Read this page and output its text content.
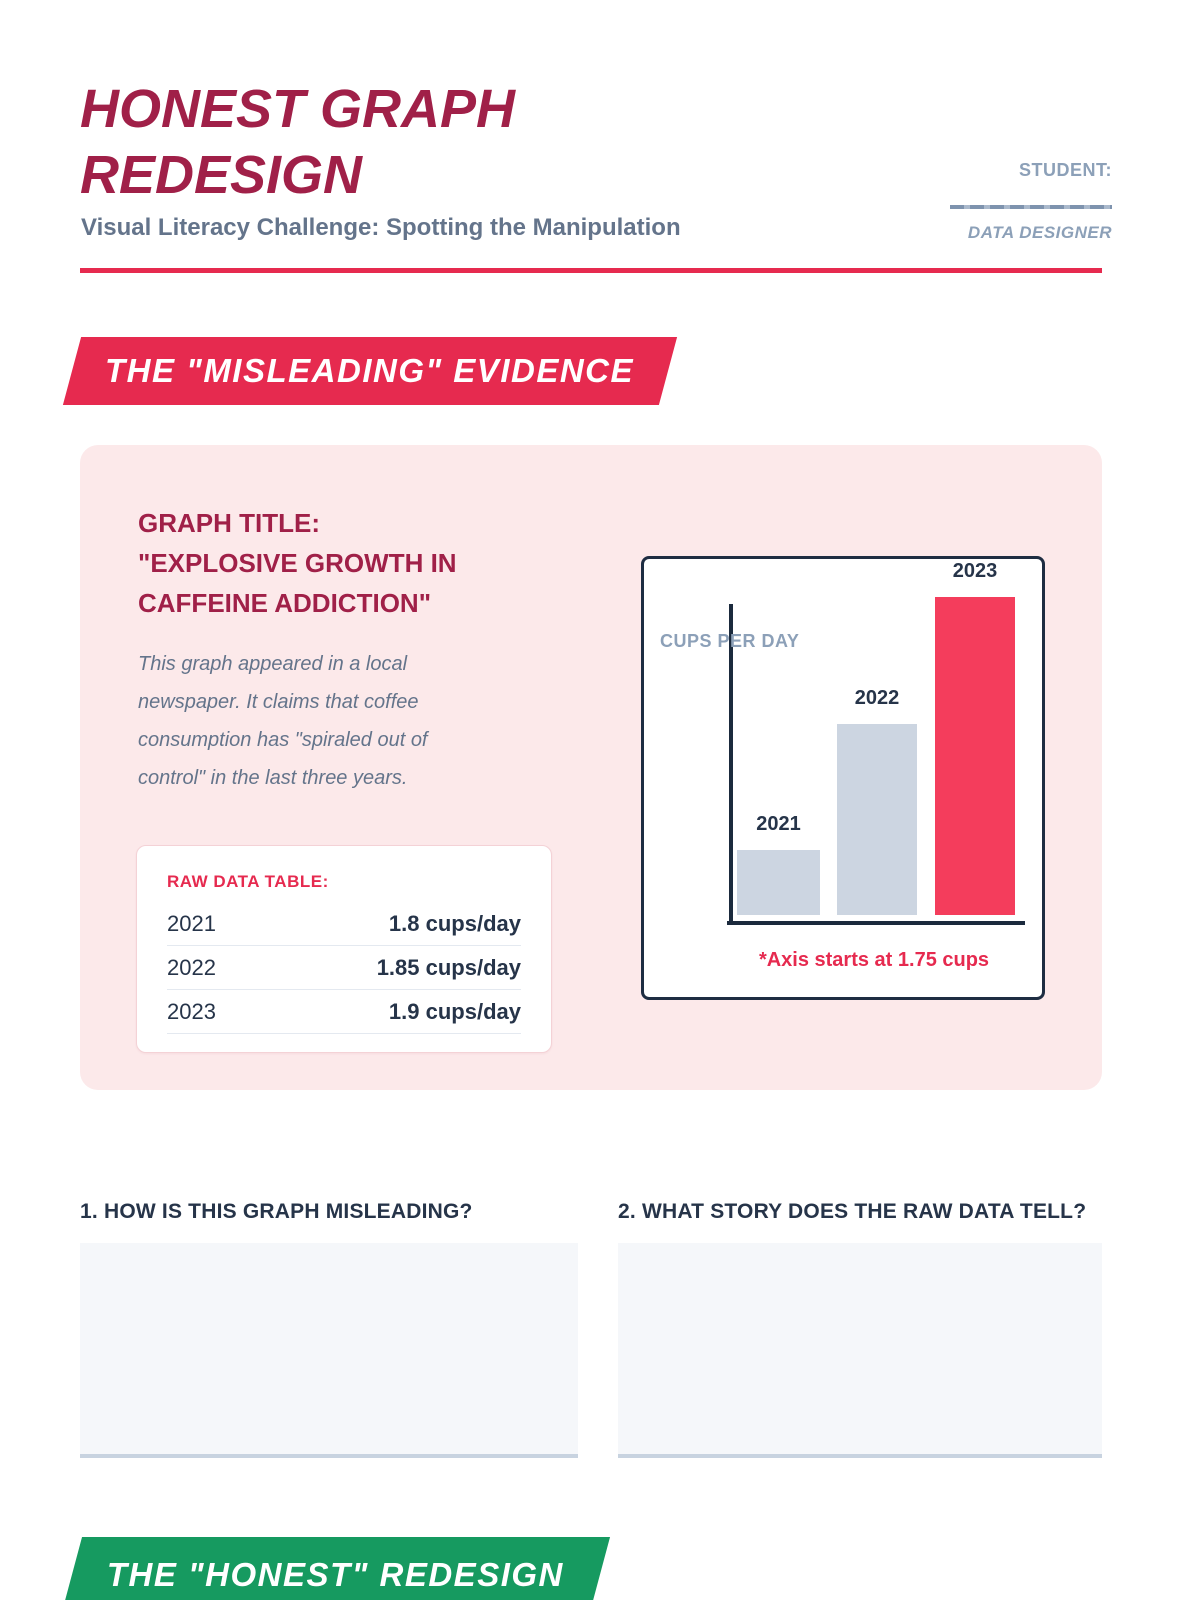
HONEST GRAPH REDESIGN
Visual Literacy Challenge: Spotting the Manipulation
STUDENT:
DATA DESIGNER
THE "MISLEADING" EVIDENCE
GRAPH TITLE: "EXPLOSIVE GROWTH IN CAFFEINE ADDICTION"

This graph appeared in a local newspaper. It claims that coffee consumption has "spiraled out of control" in the last three years.

RAW DATA TABLE:
2021	1.8 cups/day
2022	1.85 cups/day
2023	1.9 cups/day
CUPS PER DAY
2021
2022
2023
*Axis starts at 1.75 cups
1. HOW IS THIS GRAPH MISLEADING?	2. WHAT STORY DOES THE RAW DATA TELL?
THE "HONEST" REDESIGN
